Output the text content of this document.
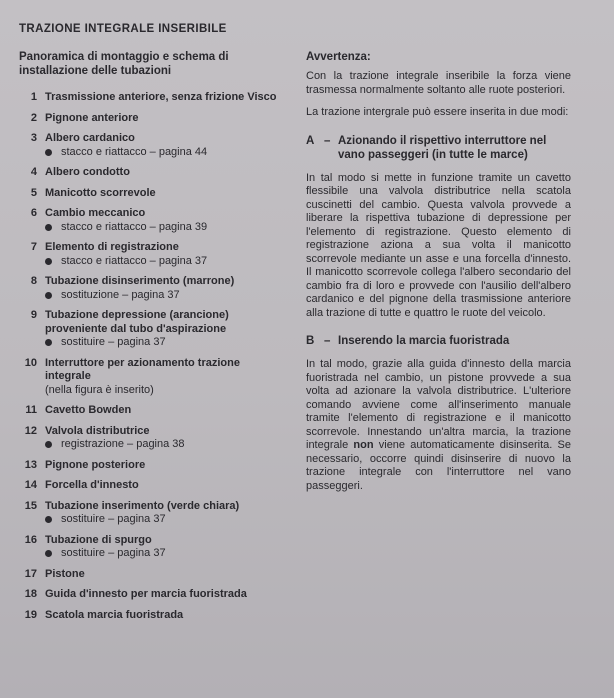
TRAZIONE INTEGRALE INSERIBILE
Panoramica di montaggio e schema di installazione delle tubazioni
1 Trasmissione anteriore, senza frizione Visco
2 Pignone anteriore
3 Albero cardanico
stacco e riattacco – pagina 44
4 Albero condotto
5 Manicotto scorrevole
6 Cambio meccanico
stacco e riattacco – pagina 39
7 Elemento di registrazione
stacco e riattacco – pagina 37
8 Tubazione disinserimento (marrone)
sostituzione – pagina 37
9 Tubazione depressione (arancione) proveniente dal tubo d'aspirazione
sostituire – pagina 37
10 Interruttore per azionamento trazione integrale
(nella figura è inserito)
11 Cavetto Bowden
12 Valvola distributrice
registrazione – pagina 38
13 Pignone posteriore
14 Forcella d'innesto
15 Tubazione inserimento (verde chiara)
sostituire – pagina 37
16 Tubazione di spurgo
sostituire – pagina 37
17 Pistone
18 Guida d'innesto per marcia fuoristrada
19 Scatola marcia fuoristrada
Avvertenza:

Con la trazione integrale inseribile la forza viene trasmessa normalmente soltanto alle ruote posteriori.

La trazione intergrale può essere inserita in due modi:

A – Azionando il rispettivo interruttore nel vano passeggeri (in tutte le marce)

In tal modo si mette in funzione tramite un cavetto flessibile una valvola distributrice nella scatola cuscinetti del cambio. Questa valvola provvede a liberare la rispettiva tubazione di depressione per l'elemento di registrazione. Questo elemento di registrazione aziona a sua volta il manicotto scorrevole mediante un asse e una forcella d'innesto. Il manicotto scorrevole collega l'albero secondario del cambio fra di loro e provvede con l'ausilio dell'albero cardanico e del pignone della trasmissione anteriore alla trazione di tutte e quattro le ruote del veicolo.

B – Inserendo la marcia fuoristrada

In tal modo, grazie alla guida d'innesto della marcia fuoristrada nel cambio, un pistone provvede a sua volta ad azionare la valvola distributrice. L'ulteriore comando avviene come all'inserimento manuale tramite l'elemento di registrazione e il manicotto scorrevole. Innestando un'altra marcia, la trazione integrale non viene automaticamente disinserita. Se necessario, occorre quindi disinserire di nuovo la trazione integrale con l'interruttore nel vano passeggeri.
